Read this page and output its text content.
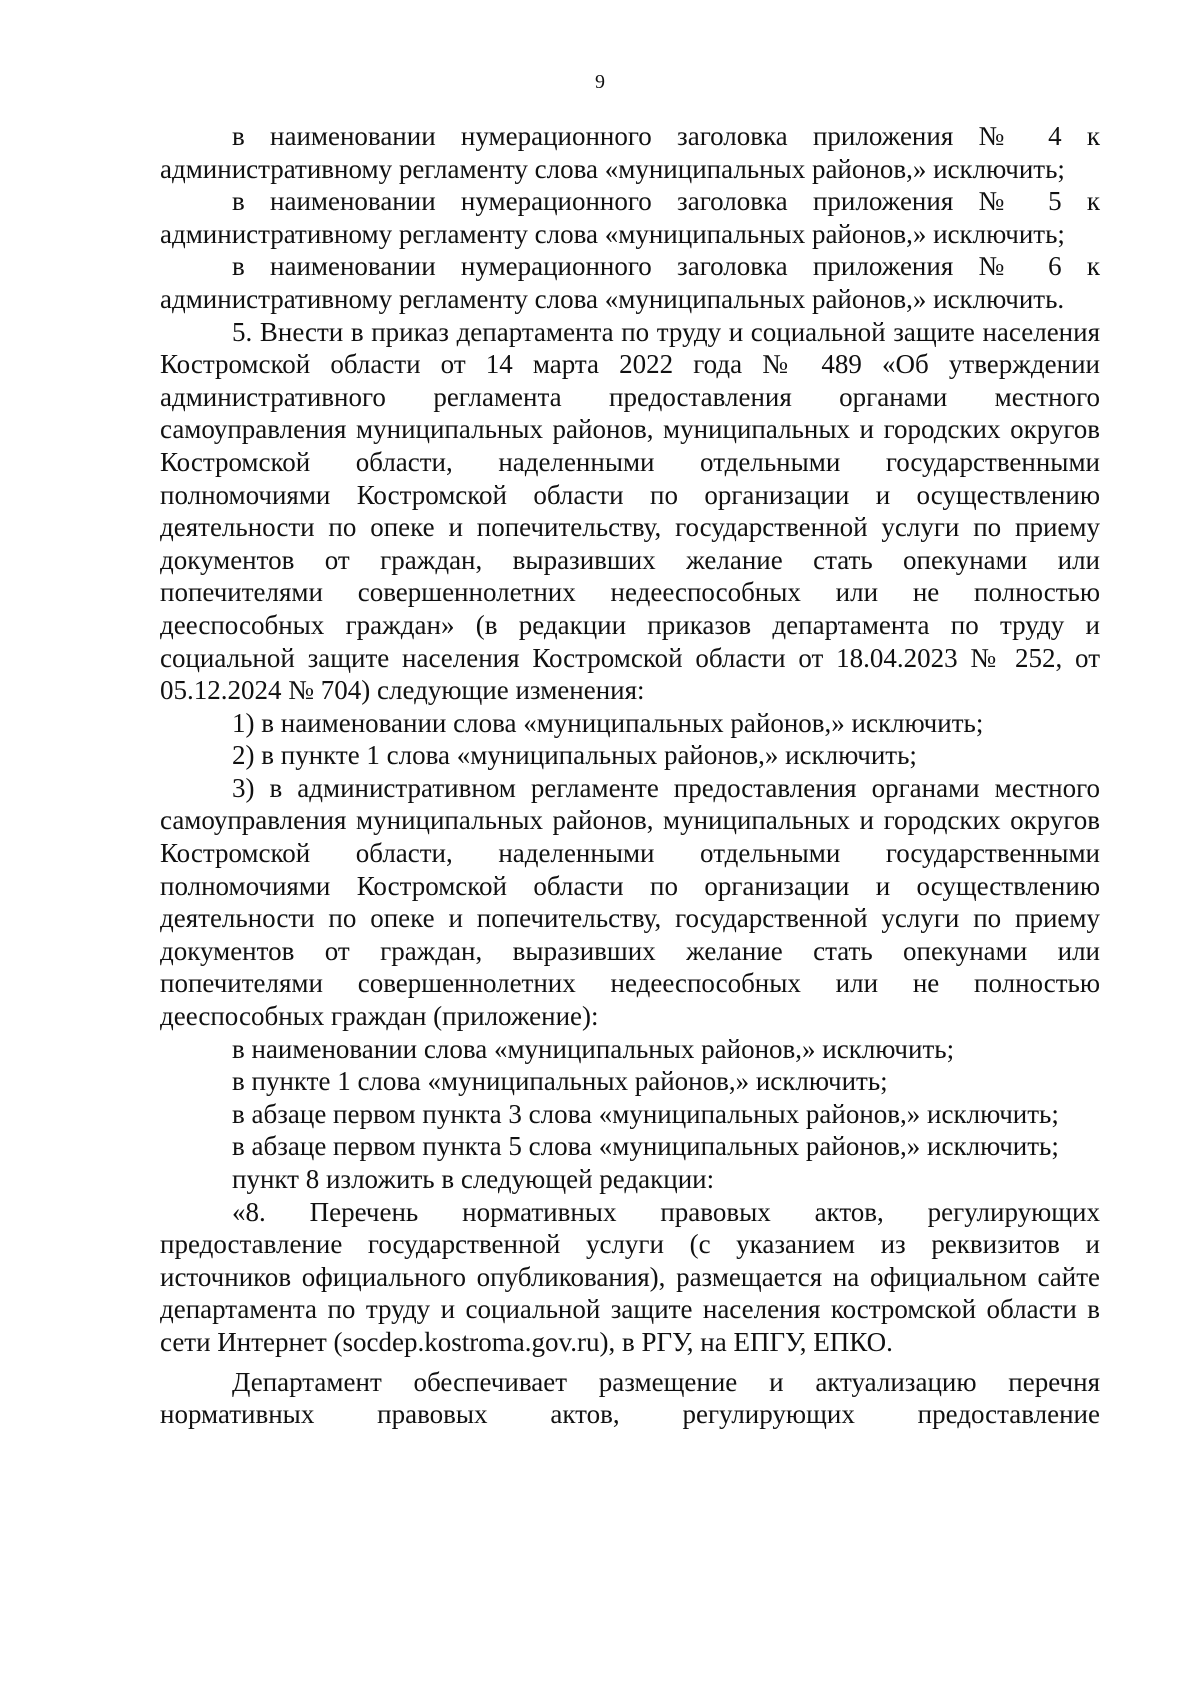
9

в наименовании нумерационного заголовка приложения № 4 к административному регламенту слова «муниципальных районов,» исключить;

в наименовании нумерационного заголовка приложения № 5 к административному регламенту слова «муниципальных районов,» исключить;

в наименовании нумерационного заголовка приложения № 6 к административному регламенту слова «муниципальных районов,» исключить.

5. Внести в приказ департамента по труду и социальной защите населения Костромской области от 14 марта 2022 года № 489 «Об утверждении административного регламента предоставления органами местного самоуправления муниципальных районов, муниципальных и городских округов Костромской области, наделенными отдельными государственными полномочиями Костромской области по организации и осуществлению деятельности по опеке и попечительству, государственной услуги по приему документов от граждан, выразивших желание стать опекунами или попечителями совершеннолетних недееспособных или не полностью дееспособных граждан» (в редакции приказов департамента по труду и социальной защите населения Костромской области от 18.04.2023 № 252, от 05.12.2024 № 704) следующие изменения:

1) в наименовании слова «муниципальных районов,» исключить;

2) в пункте 1 слова «муниципальных районов,» исключить;

3) в административном регламенте предоставления органами местного самоуправления муниципальных районов, муниципальных и городских округов Костромской области, наделенными отдельными государственными полномочиями Костромской области по организации и осуществлению деятельности по опеке и попечительству, государственной услуги по приему документов от граждан, выразивших желание стать опекунами или попечителями совершеннолетних недееспособных или не полностью дееспособных граждан (приложение):

в наименовании слова «муниципальных районов,» исключить;

в пункте 1 слова «муниципальных районов,» исключить;

в абзаце первом пункта 3 слова «муниципальных районов,» исключить;

в абзаце первом пункта 5 слова «муниципальных районов,» исключить;

пункт 8 изложить в следующей редакции:

«8. Перечень нормативных правовых актов, регулирующих предоставление государственной услуги (с указанием из реквизитов и источников официального опубликования), размещается на официальном сайте департамента по труду и социальной защите населения костромской области в сети Интернет (socdep.kostroma.gov.ru), в РГУ, на ЕПГУ, ЕПКО.

Департамент обеспечивает размещение и актуализацию перечня нормативных правовых актов, регулирующих предоставление
